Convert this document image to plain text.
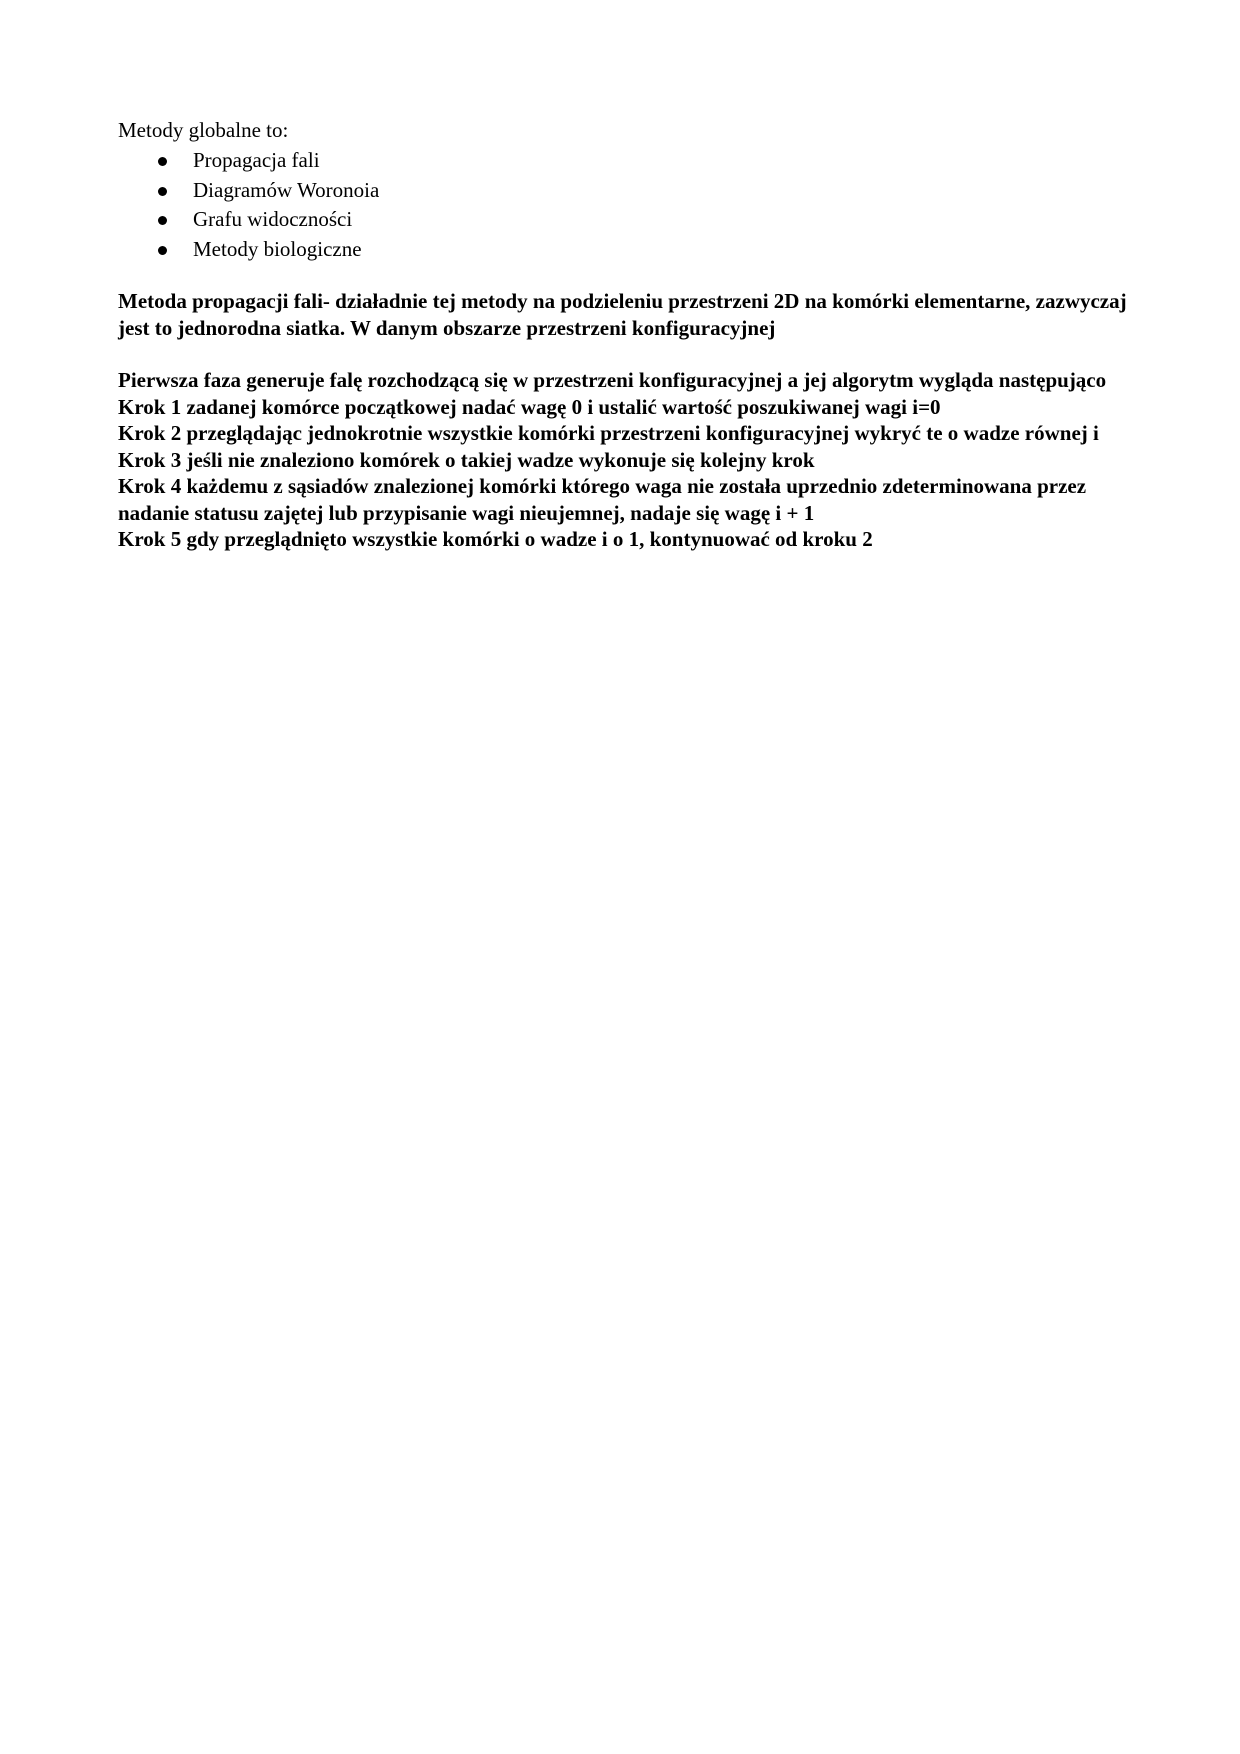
Metody globalne to:

Propagacja fali
Diagramów Woronoia
Grafu widoczności
Metody biologiczne

Metoda propagacji fali- działadnie tej metody na podzieleniu przestrzeni 2D na komórki elementarne, zazwyczaj jest to jednorodna siatka. W danym obszarze przestrzeni konfiguracyjnej

Pierwsza faza generuje falę rozchodzącą się w przestrzeni konfiguracyjnej a jej algorytm wygląda następująco

Krok 1 zadanej komórce początkowej nadać wagę 0 i ustalić wartość poszukiwanej wagi i=0

Krok 2 przeglądając jednokrotnie wszystkie komórki przestrzeni konfiguracyjnej wykryć te o wadze równej i

Krok 3 jeśli nie znaleziono komórek o takiej wadze wykonuje się kolejny krok

Krok 4 każdemu z sąsiadów znalezionej komórki którego waga nie została uprzednio zdeterminowana przez nadanie statusu zajętej lub przypisanie wagi nieujemnej, nadaje się wagę i + 1

Krok 5 gdy przeglądnięto wszystkie komórki o wadze i o 1, kontynuować od kroku 2
